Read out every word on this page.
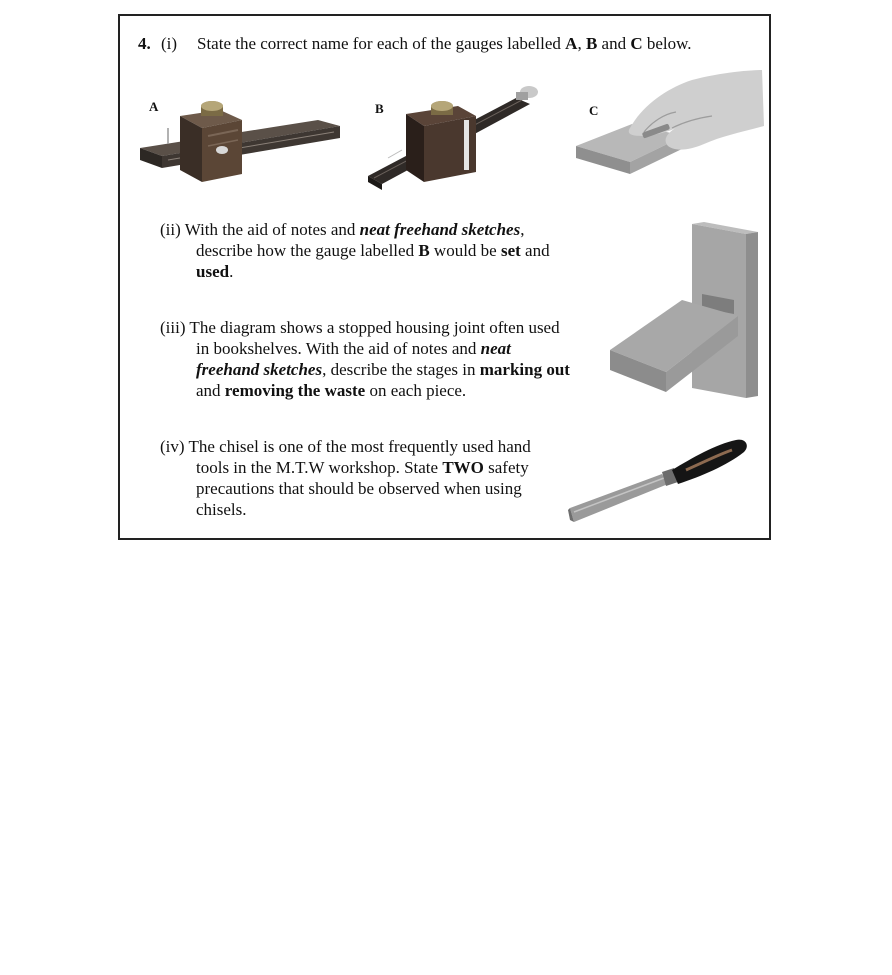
4. (i) State the correct name for each of the gauges labelled A, B and C below.
A	B	C
(ii) With the aid of notes and neat freehand sketches,
describe how the gauge labelled B would be set and
used.
(iii) The diagram shows a stopped housing joint often used
in bookshelves. With the aid of notes and neat
freehand sketches, describe the stages in marking out
and removing the waste on each piece.
(iv) The chisel is one of the most frequently used hand
tools in the M.T.W workshop. State TWO safety
precautions that should be observed when using
chisels.
